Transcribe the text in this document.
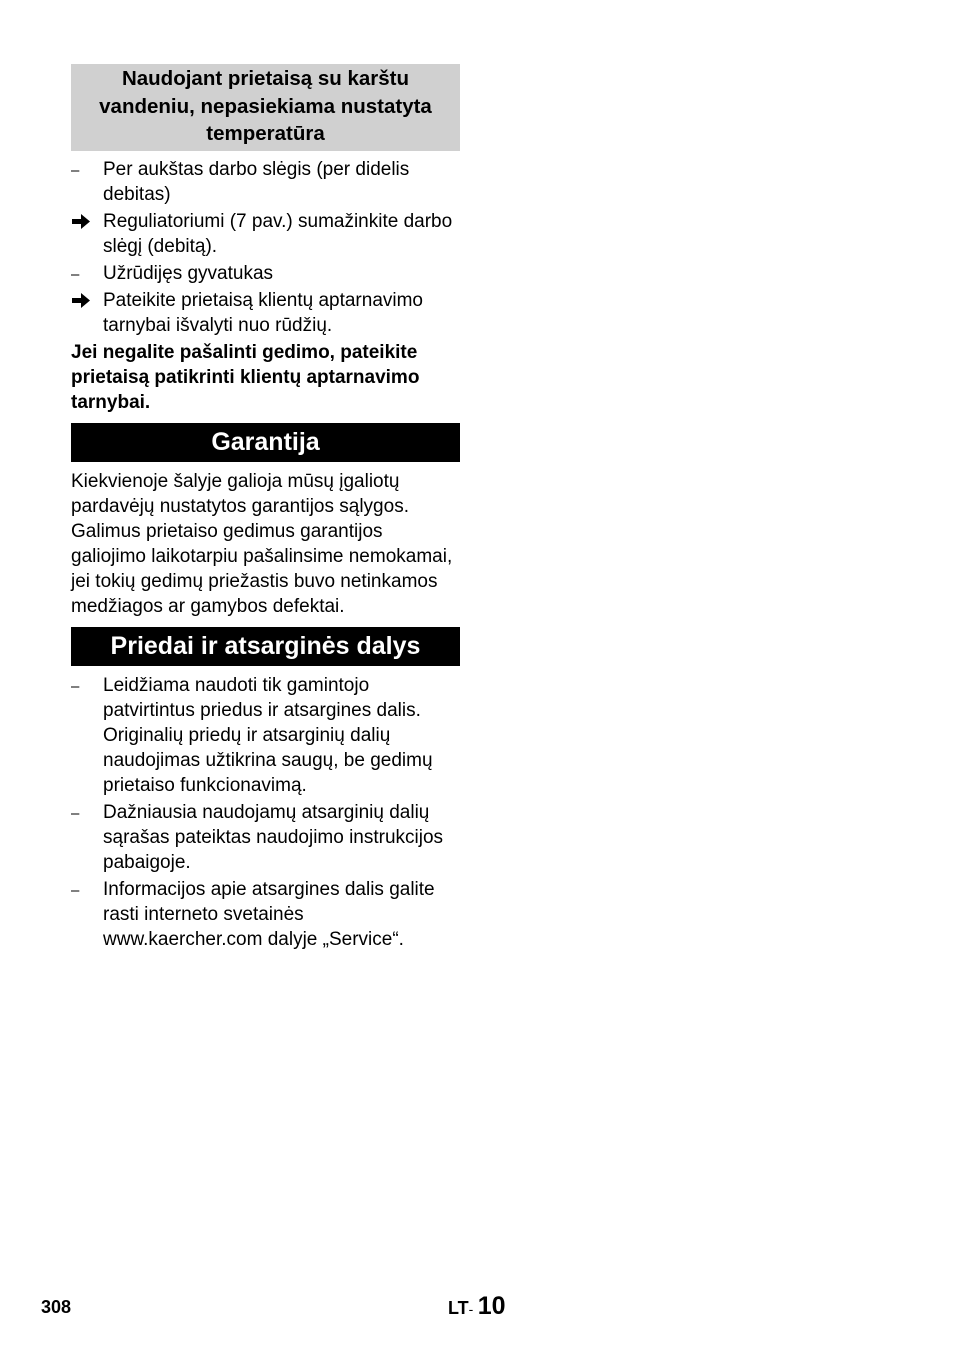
Naudojant prietaisą su karštu vandeniu, nepasiekiama nustatyta temperatūra
–	Per aukštas darbo slėgis (per didelis debitas)
Reguliatoriumi (7 pav.) sumažinkite darbo slėgį (debitą).
–	Užrūdijęs gyvatukas
Pateikite prietaisą klientų aptarnavimo tarnybai išvalyti nuo rūdžių.
Jei negalite pašalinti gedimo, pateikite prietaisą patikrinti klientų aptarnavimo tarnybai.
Garantija
Kiekvienoje šalyje galioja mūsų įgaliotų pardavėjų nustatytos garantijos sąlygos. Galimus prietaiso gedimus garantijos galiojimo laikotarpiu pašalinsime nemokamai, jei tokių gedimų priežastis buvo netinkamos medžiagos ar gamybos defektai.
Priedai ir atsarginės dalys
–	Leidžiama naudoti tik gamintojo patvirtintus priedus ir atsargines dalis. Originalių priedų ir atsarginių dalių naudojimas užtikrina saugų, be gedimų prietaiso funkcionavimą.
–	Dažniausia naudojamų atsarginių dalių sąrašas pateiktas naudojimo instrukcijos pabaigoje.
–	Informacijos apie atsargines dalis galite rasti interneto svetainės www.kaercher.com dalyje „Service“.
308	LT- 10
